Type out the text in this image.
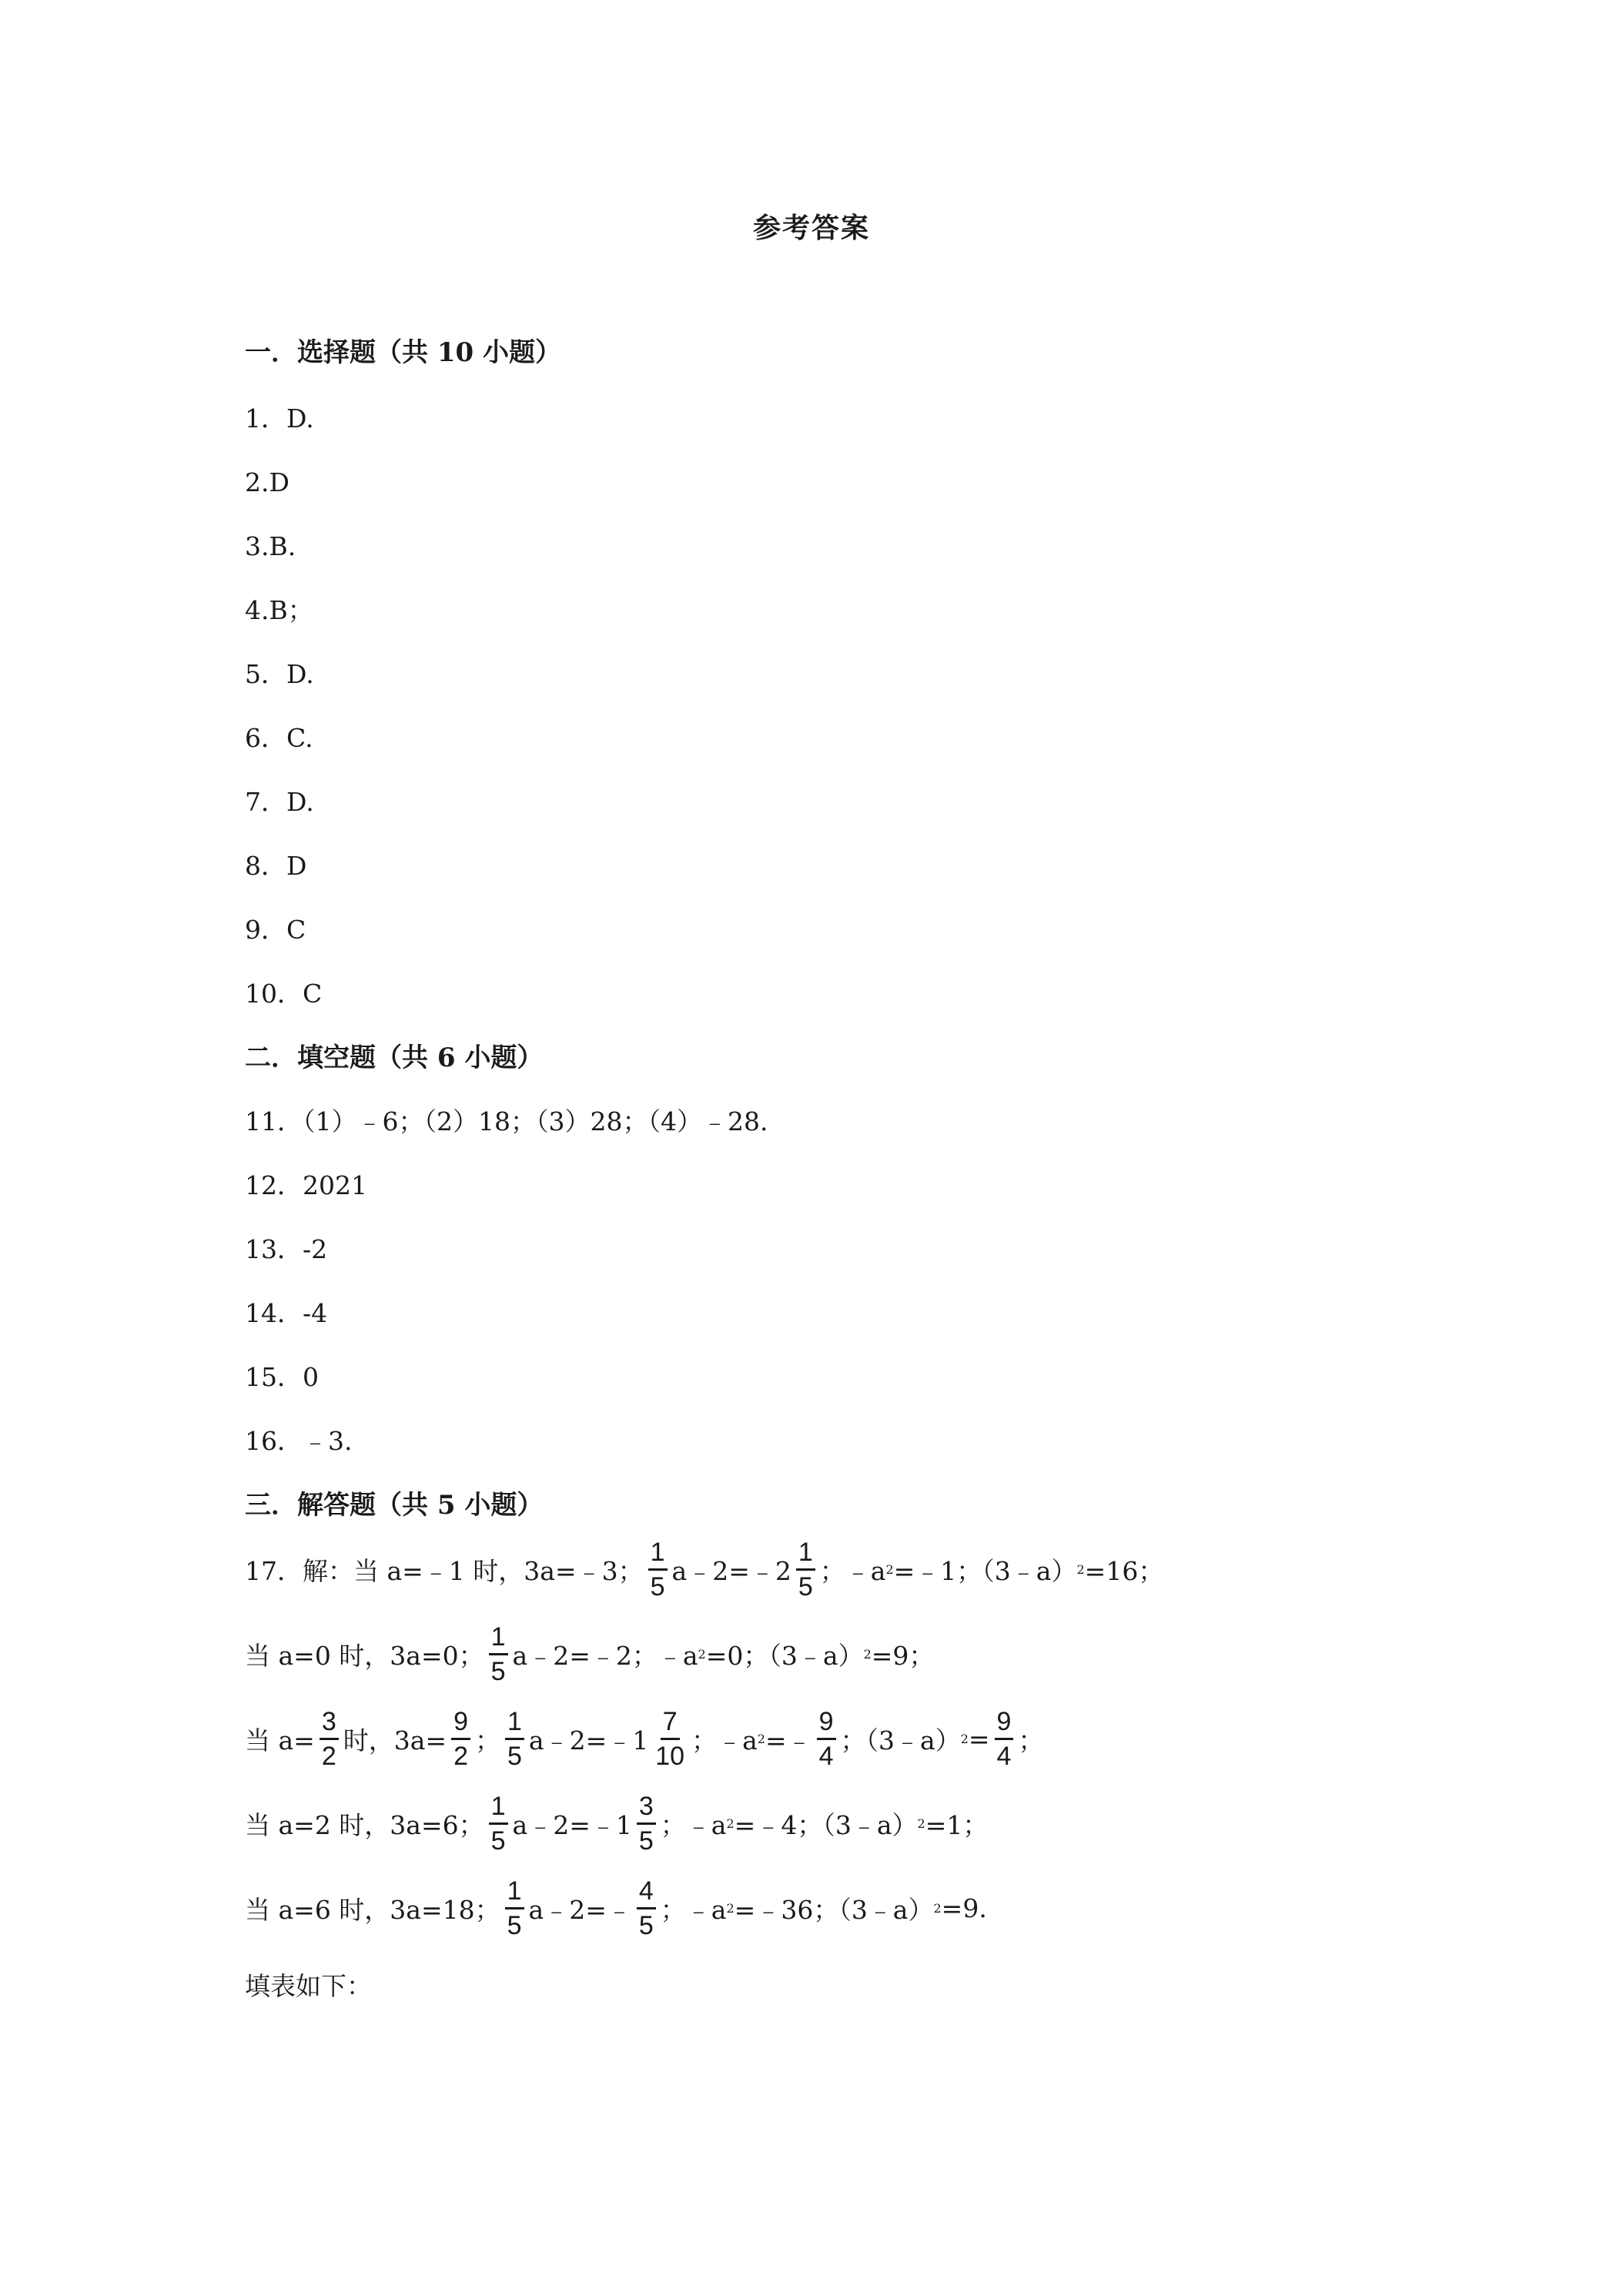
参考答案
一．选择题（共 10 小题）
1．D.
2.D
3.B.
4.B；
5．D.
6．C.
7．D.
8．D
9．C
10．C
二．填空题（共 6 小题）
11．（1）﹣6；（2）18；（3）28；（4）﹣28.
12．2021
13．-2
14．-4
15．0
16．﹣3.
三．解答题（共 5 小题）
17．解：当 a=﹣1 时，3a=﹣3； $\frac{1}{5}$ a﹣2=﹣2 $\frac{1}{5}$ ；﹣a 2 =﹣1；（3﹣a） 2 =16；
当 a=0 时，3a=0； $\frac{1}{5}$ a﹣2=﹣2；﹣a 2 =0；（3﹣a） 2 =9；
当 $a= \frac{3}{2}$ 时，$3a= \frac{9}{2}$ ； $\frac{1}{5}$ a﹣2=﹣1 $\frac{7}{10}$ ；﹣a 2 =﹣ $\frac{9}{4}$ ；（3﹣a） $2 = \frac{9}{4}$ ；
当 a=2 时，3a=6； $\frac{1}{5}$ a﹣2=﹣1 $\frac{3}{5}$ ；﹣a 2 =﹣4；（3﹣a） 2 =1；
当 a=6 时，3a=18； $\frac{1}{5}$ a﹣2=﹣ $\frac{4}{5}$ ；﹣a 2 =﹣36；（3﹣a） 2 =9.
填表如下：
